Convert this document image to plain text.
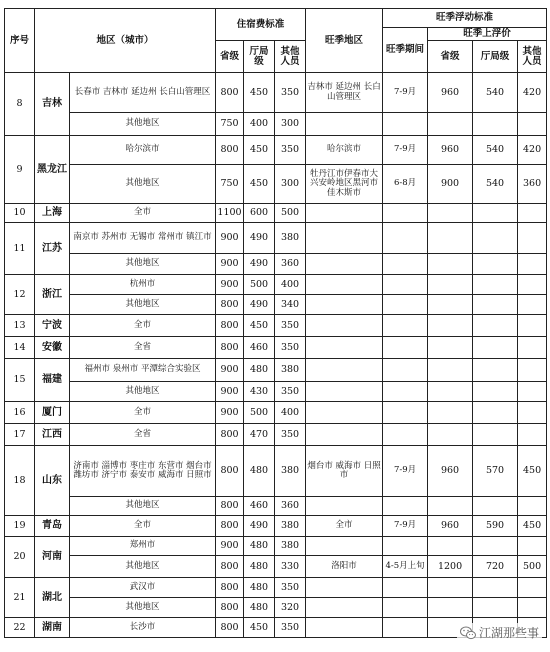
序号	地区（城市）		住宿费标准			旺季地区	旺季浮动标准			
							旺季期间	旺季上浮价		
			省级	厅局级	其他人员			省级	厅局级	其他人员
8	吉林	长春市 吉林市 延边州 长白山管理区	800	450	350	吉林市 延边州 长白山管理区	7-9月	960	540	420
		其他地区	750	400	300					
9	黑龙江	哈尔滨市	800	450	350	哈尔滨市	7-9月	960	540	420
		其他地区	750	450	300	牡丹江市伊春市大兴安岭地区黑河市佳木斯市	6-8月	900	540	360
10	上海	全市	1100	600	500					
11	江苏	南京市 苏州市 无锡市 常州市 镇江市	900	490	380					
		其他地区	900	490	360					
12	浙江	杭州市	900	500	400					
		其他地区	800	490	340					
13	宁波	全市	800	450	350					
14	安徽	全省	800	460	350					
15	福建	福州市 泉州市 平潭综合实验区	900	480	380					
		其他地区	900	430	350					
16	厦门	全市	900	500	400					
17	江西	全省	800	470	350					
18	山东	济南市 淄博市 枣庄市 东营市 烟台市 潍坊市 济宁市 泰安市 威海市 日照市	800	480	380	烟台市 威海市 日照市	7-9月	960	570	450
		其他地区	800	460	360					
19	青岛	全市	800	490	380	全市	7-9月	960	590	450
20	河南	郑州市	900	480	380					
		其他地区	800	480	330	洛阳市	4-5月上旬	1200	720	500
21	湖北	武汉市	800	480	350					
		其他地区	800	480	320					
22	湖南	长沙市	800	450	350						江湖那些事
